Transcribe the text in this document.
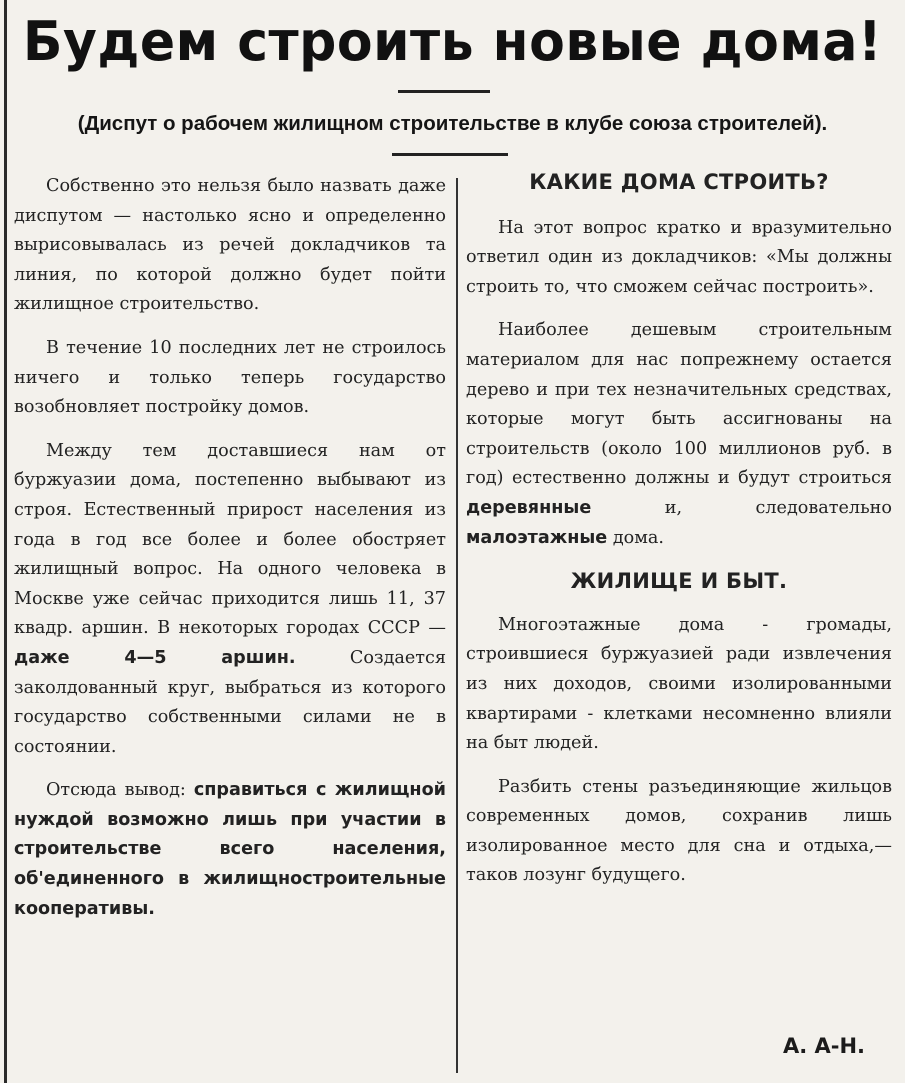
Будем строить новые дома!
(Диспут о рабочем жилищном строительстве в клубе союза строителей).

Собственно это нельзя было назвать даже диспутом — настолько ясно и определенно вырисовывалась из речей докладчиков та линия, по которой должно будет пойти жилищное строительство.

В течение 10 последних лет не строилось ничего и только теперь государство возобновляет постройку домов.

Между тем доставшиеся нам от буржуазии дома, постепенно выбывают из строя. Естественный прирост населения из года в год все более и более обостряет жилищный вопрос. На одного человека в Москве уже сейчас приходится лишь 11, 37 квадр. аршин. В некоторых городах СССР — даже 4—5 аршин. Создается заколдованный круг, выбраться из которого государство собственными силами не в состоянии.

Отсюда вывод: справиться с жилищной нуждой возможно лишь при участии в строительстве всего населения, об'единенного в жилищностроительные кооперативы.

КАКИЕ ДОМА СТРОИТЬ?

На этот вопрос кратко и вразумительно ответил один из докладчиков: «Мы должны строить то, что сможем сейчас построить».

Наиболее дешевым строительным материалом для нас попрежнему остается дерево и при тех незначительных средствах, которые могут быть ассигнованы на строительств (около 100 миллионов руб. в год) естественно должны и будут строиться деревянные и, следовательно малоэтажные дома.

ЖИЛИЩЕ И БЫТ.

Многоэтажные дома - громады, строившиеся буржуазией ради извлечения из них доходов, своими изолированными квартирами - клетками несомненно влияли на быт людей.

Разбить стены разъединяющие жильцов современных домов, сохранив лишь изолированное место для сна и отдыха,—таков лозунг будущего.

А. А-Н.
